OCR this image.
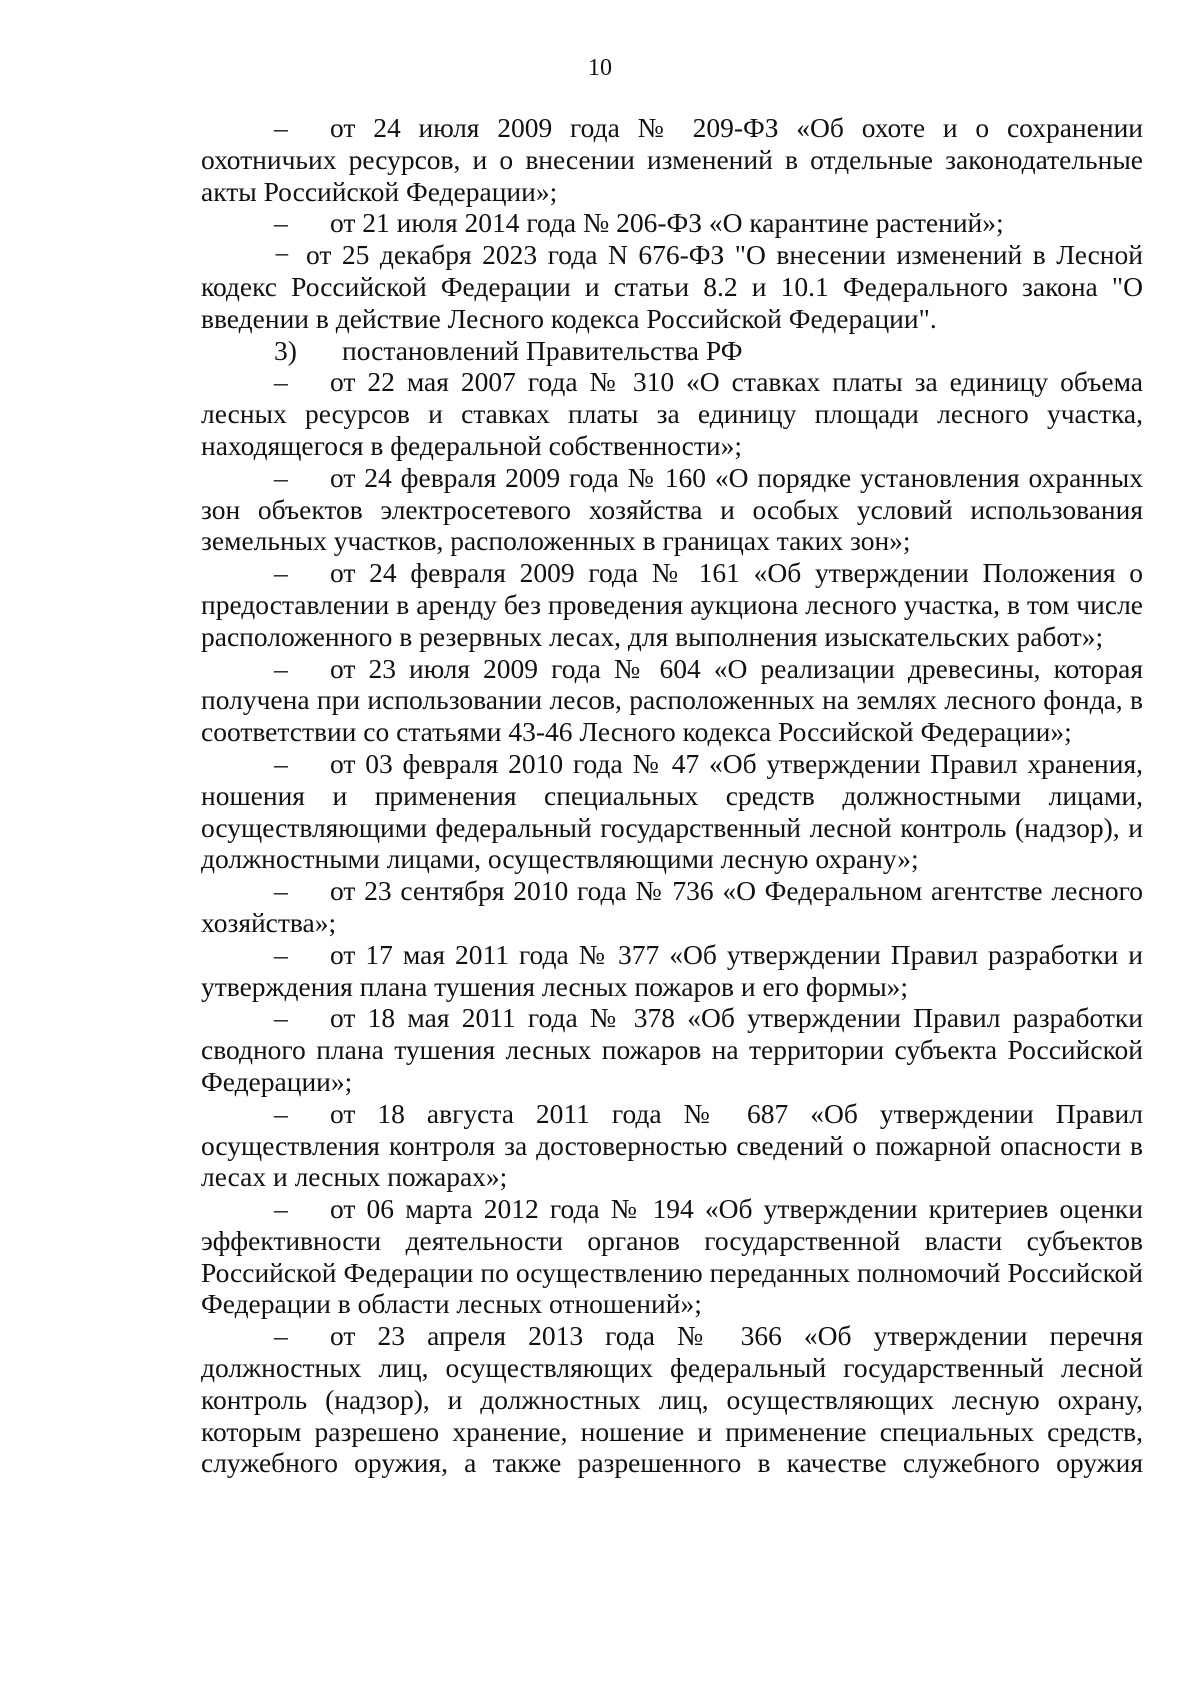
10

– от 24 июля 2009 года № 209-ФЗ «Об охоте и о сохранении охотничьих ресурсов, и о внесении изменений в отдельные законодательные акты Российской Федерации»;

– от 21 июля 2014 года № 206-ФЗ «О карантине растений»;

− от 25 декабря 2023 года N 676-ФЗ "О внесении изменений в Лесной кодекс Российской Федерации и статьи 8.2 и 10.1 Федерального закона "О введении в действие Лесного кодекса Российской Федерации".

3) постановлений Правительства РФ

– от 22 мая 2007 года № 310 «О ставках платы за единицу объема лесных ресурсов и ставках платы за единицу площади лесного участка, находящегося в федеральной собственности»;

– от 24 февраля 2009 года № 160 «О порядке установления охранных зон объектов электросетевого хозяйства и особых условий использования земельных участков, расположенных в границах таких зон»;

– от 24 февраля 2009 года № 161 «Об утверждении Положения о предоставлении в аренду без проведения аукциона лесного участка, в том числе расположенного в резервных лесах, для выполнения изыскательских работ»;

– от 23 июля 2009 года № 604 «О реализации древесины, которая получена при использовании лесов, расположенных на землях лесного фонда, в соответствии со статьями 43-46 Лесного кодекса Российской Федерации»;

– от 03 февраля 2010 года № 47 «Об утверждении Правил хранения, ношения и применения специальных средств должностными лицами, осуществляющими федеральный государственный лесной контроль (надзор), и должностными лицами, осуществляющими лесную охрану»;

– от 23 сентября 2010 года № 736 «О Федеральном агентстве лесного хозяйства»;

– от 17 мая 2011 года № 377 «Об утверждении Правил разработки и утверждения плана тушения лесных пожаров и его формы»;

– от 18 мая 2011 года № 378 «Об утверждении Правил разработки сводного плана тушения лесных пожаров на территории субъекта Российской Федерации»;

– от 18 августа 2011 года № 687 «Об утверждении Правил осуществления контроля за достоверностью сведений о пожарной опасности в лесах и лесных пожарах»;

– от 06 марта 2012 года № 194 «Об утверждении критериев оценки эффективности деятельности органов государственной власти субъектов Российской Федерации по осуществлению переданных полномочий Российской Федерации в области лесных отношений»;

– от 23 апреля 2013 года № 366 «Об утверждении перечня должностных лиц, осуществляющих федеральный государственный лесной контроль (надзор), и должностных лиц, осуществляющих лесную охрану, которым разрешено хранение, ношение и применение специальных средств, служебного оружия, а также разрешенного в качестве служебного оружия
